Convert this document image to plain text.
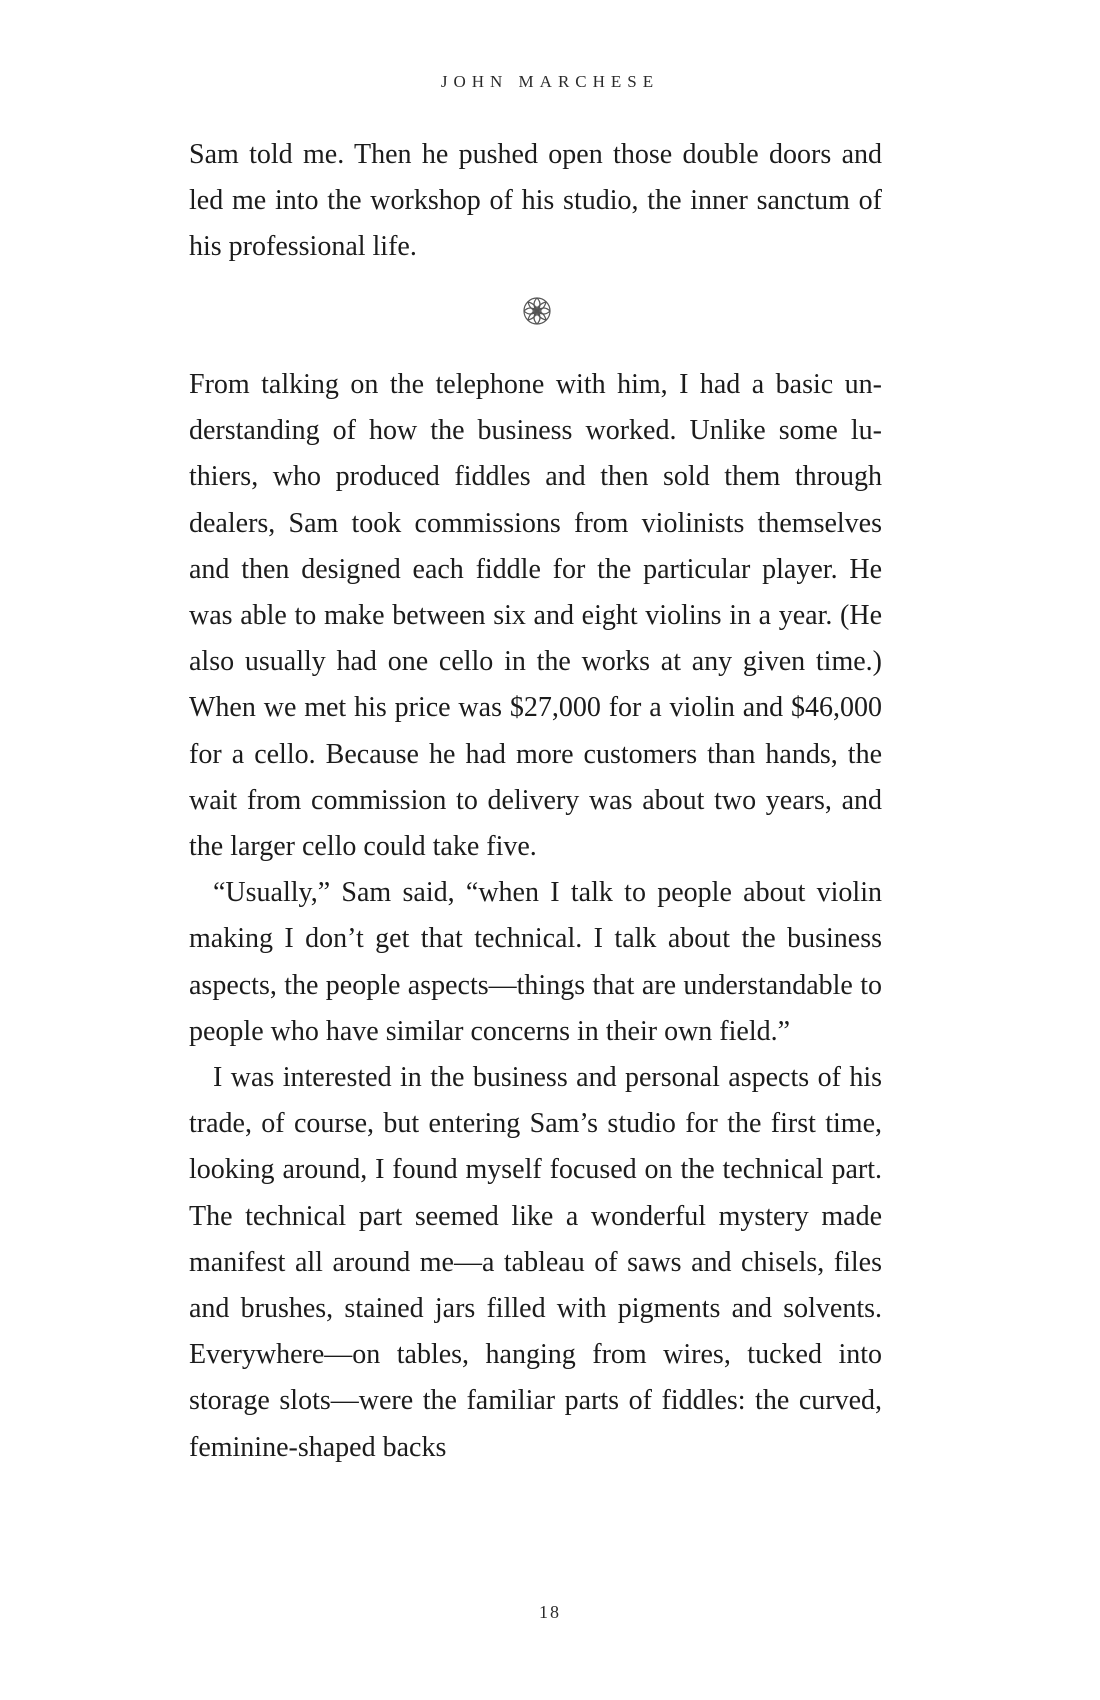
JOHN MARCHESE

Sam told me. Then he pushed open those double doors and led me into the workshop of his studio, the inner sanctum of his professional life.

From talking on the telephone with him, I had a basic understanding of how the business worked. Unlike some luthiers, who produced fiddles and then sold them through dealers, Sam took commissions from violinists themselves and then designed each fiddle for the particular player. He was able to make between six and eight violins in a year. (He also usually had one cello in the works at any given time.) When we met his price was $27,000 for a violin and $46,000 for a cello. Because he had more customers than hands, the wait from commission to delivery was about two years, and the larger cello could take five.

“Usually,” Sam said, “when I talk to people about violin making I don’t get that technical. I talk about the business aspects, the people aspects—things that are understandable to people who have similar concerns in their own field.”

I was interested in the business and personal aspects of his trade, of course, but entering Sam’s studio for the first time, looking around, I found myself focused on the technical part. The technical part seemed like a wonderful mystery made manifest all around me—a tableau of saws and chisels, files and brushes, stained jars filled with pigments and solvents. Everywhere—on tables, hanging from wires, tucked into storage slots—were the familiar parts of fiddles: the curved, feminine-shaped backs

18
